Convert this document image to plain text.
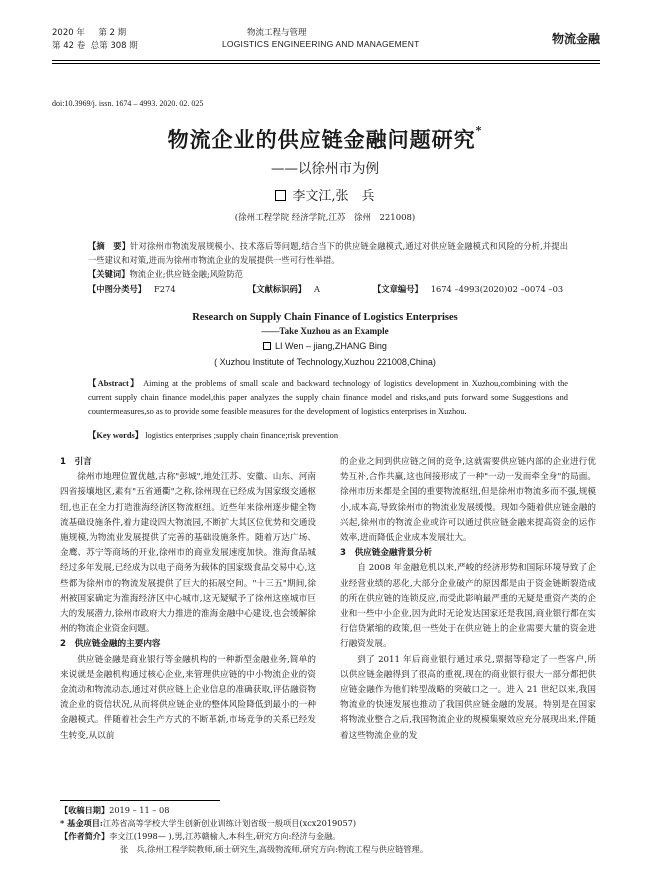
2020 年 第 2 期
第 42 卷 总第 308 期
物流工程与管理
LOGISTICS ENGINEERING AND MANAGEMENT	物流金融
doi:10.3969/j. issn. 1674 – 4993. 2020. 02. 025
物流企业的供应链金融问题研究*
——以徐州市为例
李文江,张　兵
(徐州工程学院 经济学院,江苏　徐州　221008)
【摘　要】针对徐州市物流发展规模小、技术落后等问题,结合当下的供应链金融模式,通过对供应链金融模式和风险的分析,并提出一些建议和对策,进而为徐州市物流企业的发展提供一些可行性举措。
【关键词】物流企业;供应链金融;风险防范
【中图分类号】 F274	【文献标识码】 A	【文章编号】 1674 –4993(2020)02 –0074 –03
Research on Supply Chain Finance of Logistics Enterprises
——Take Xuzhou as an Example
LI Wen – jiang,ZHANG Bing
( Xuzhou Institute of Technology,Xuzhou 221008,China)
【Abstract】 Aiming at the problems of small scale and backward technology of logistics development in Xuzhou,combining with the current supply chain finance model,this paper analyzes the supply chain finance model and risks,and puts forward some Suggestions and countermeasures,so as to provide some feasible measures for the development of logistics enterprises in Xuzhou.
【Key words】 logistics enterprises ;supply chain finance;risk prevention
1　引言

徐州市地理位置优越,古称"彭城",地处江苏、安徽、山东、河南四省接壤地区,素有"五省通衢"之称,徐州现在已经成为国家级交通枢纽,也正在全力打造淮海经济区物流枢纽。近些年来徐州逐步健全物流基础设施条件,着力建设四大物流园,不断扩大其区位优势和交通设施规模,为物流业发展提供了完善的基础设施条件。随着万达广场、金鹰、苏宁等商场的开业,徐州市的商业发展速度加快。淮海食品城经过多年发展,已经成为以电子商务为载体的国家级食品交易中心,这些都为徐州市的物流发展提供了巨大的拓展空间。"十三五"期间,徐州被国家确定为淮海经济区中心城市,这无疑赋予了徐州这座城市巨大的发展潜力,徐州市政府大力推进的淮海金融中心建设,也会缓解徐州的物流企业资金问题。

2　供应链金融的主要内容

供应链金融是商业银行等金融机构的一种新型金融业务,简单的来说就是金融机构通过核心企业,来管理供应链的中小物流企业的资金流动和物流动态,通过对供应链上企业信息的准确获取,评估融资物流企业的资信状况,从而将供应链企业的整体风险降低到最小的一种金融模式。伴随着社会生产方式的不断革新,市场竞争的关系已经发生转变,从以前

的企业之间到供应链之间的竞争,这就需要供应链内部的企业进行优势互补,合作共赢,这也间接形成了一种"一动一发而牵全身"的局面。徐州市历来都是全国的重要物流枢纽,但是徐州市物流多而不强,规模小,成本高,导致徐州市的物流业发展缓慢。现如今随着供应链金融的兴起,徐州市的物流企业或许可以通过供应链金融来提高资金的运作效率,进而降低企业成本发展壮大。

3　供应链金融背景分析

自 2008 年金融危机以来,严峻的经济形势和国际环境导致了企业经营业绩的恶化,大部分企业破产的原因都是由于资金链断裂造成的所在供应链的连锁反应,而受此影响最严重的无疑是重资产类的企业和一些中小企业,因为此时无论发达国家还是我国,商业银行都在实行信贷紧缩的政策,但一些处于在供应链上的企业需要大量的资金进行融资发展。

到了 2011 年后商业银行通过承兑,票据等稳定了一些客户,所以供应链金融得到了很高的重视,现在的商业银行很大一部分都把供应链金融作为他们转型战略的突破口之一。进入 21 世纪以来,我国物流业的快速发展也推动了我国供应链金融的发展。特别是在国家将物流业整合之后,我国物流企业的规模集聚效应充分展现出来,伴随着这些物流企业的发

【收稿日期】2019 – 11 – 08
* 基金项目:江苏省高等学校大学生创新创业训练计划省级一般项目(xcx2019057)
【作者简介】李文江(1998— ),男,江苏赣榆人,本科生,研究方向:经济与金融。
张　兵,徐州工程学院教师,硕士研究生,高级物流师,研究方向:物流工程与供应链管理。
